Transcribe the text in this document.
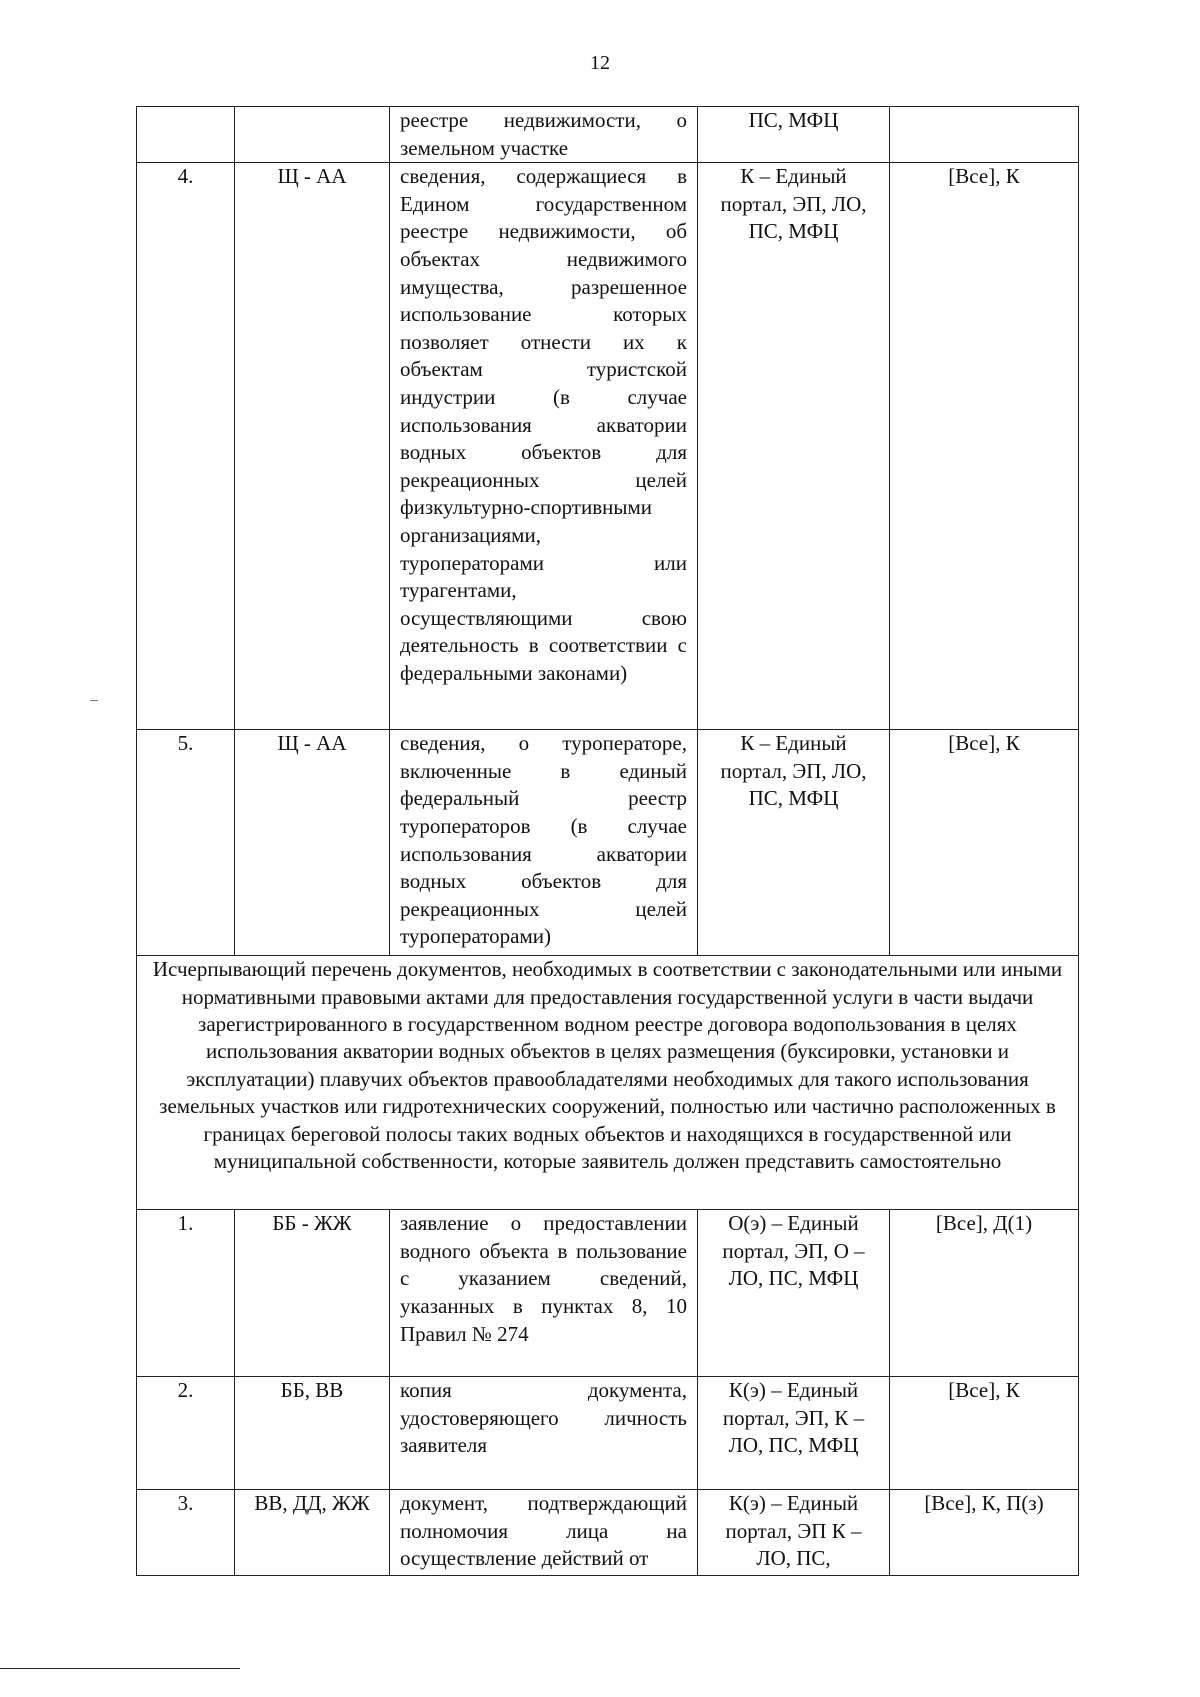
12
		реестре недвижимости, о земельном участке	ПС, МФЦ	
4.	Щ - АА	сведения, содержащиеся в Едином государственном реестре недвижимости, об объектах недвижимого имущества, разрешенное использование которых позволяет отнести их к объектам туристской индустрии (в случае использования акватории водных объектов для рекреационных целей физкультурно-спортивными организациями, туроператорами или турагентами, осуществляющими свою деятельность в соответствии с федеральными законами)	К – Единый портал, ЭП, ЛО, ПС, МФЦ	[Все], К
5.	Щ - АА	сведения, о туроператоре, включенные в единый федеральный реестр туроператоров (в случае использования акватории водных объектов для рекреационных целей туроператорами)	К – Единый портал, ЭП, ЛО, ПС, МФЦ	[Все], К
Исчерпывающий перечень документов, необходимых в соответствии с законодательными или иными нормативными правовыми актами для предоставления государственной услуги в части выдачи зарегистрированного в государственном водном реестре договора водопользования в целях использования акватории водных объектов в целях размещения (буксировки, установки и эксплуатации) плавучих объектов правообладателями необходимых для такого использования земельных участков или гидротехнических сооружений, полностью или частично расположенных в границах береговой полосы таких водных объектов и находящихся в государственной или муниципальной собственности, которые заявитель должен представить самостоятельно				
1.	ББ - ЖЖ	заявление о предоставлении водного объекта в пользование с указанием сведений, указанных в пунктах 8, 10 Правил № 274	О(э) – Единый портал, ЭП, О – ЛО, ПС, МФЦ	[Все], Д(1)
2.	ББ, ВВ	копия документа, удостоверяющего личность заявителя	К(э) – Единый портал, ЭП, К – ЛО, ПС, МФЦ	[Все], К
3.	ВВ, ДД, ЖЖ	документ, подтверждающий полномочия лица на осуществление действий от	К(э) – Единый портал, ЭП К – ЛО, ПС,	[Все], К, П(з)
